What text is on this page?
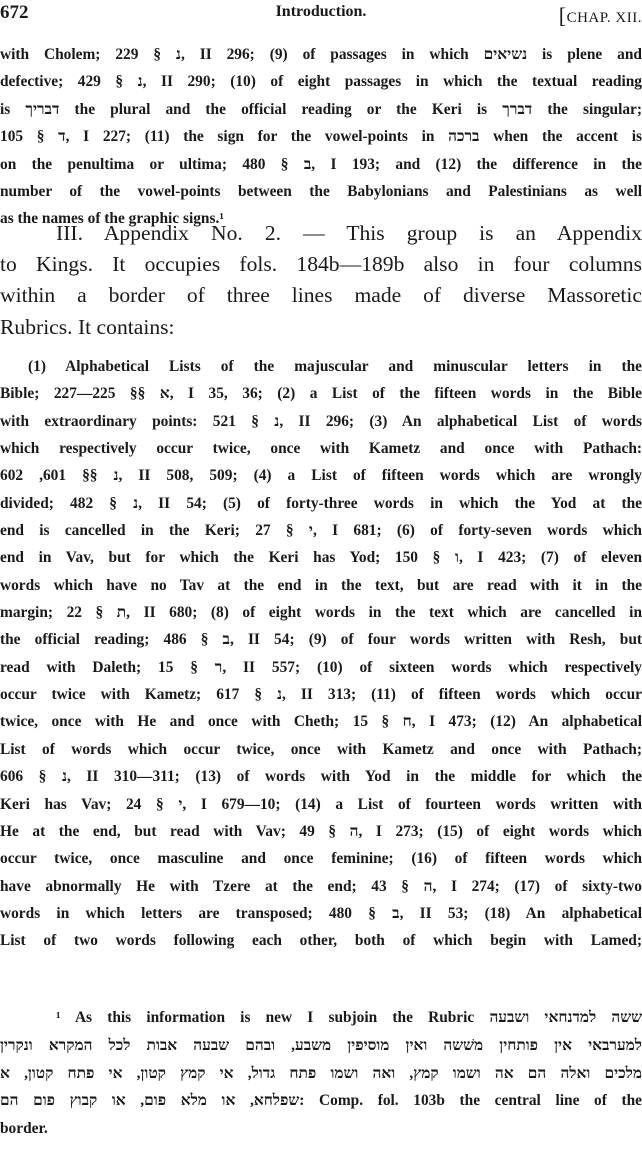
672	Introduction.	[CHAP. XII.
with Cholem; נ § 229, II 296; (9) of passages in which נשיאים is plene and
defective; נ § 429, II 290; (10) of eight passages in which the textual reading
is דבריך the plural and the official reading or the Keri is דברך the singular;
ד § 105, I 227; (11) the sign for the vowel-points in ברכה when the accent is
on the penultima or ultima; ב § 480, I 193; and (12) the difference in the
number of the vowel-points between the Babylonians and Palestinians as well
as the names of the graphic signs.¹
III. Appendix No. 2. — This group is an Appendix
to Kings. It occupies fols. 184b—189b also in four columns
within a border of three lines made of diverse Massoretic
Rubrics. It contains:
(1) Alphabetical Lists of the majuscular and minuscular letters in the
Bible; א §§ 225—227, I 35, 36; (2) a List of the fifteen words in the Bible
with extraordinary points: נ § 521, II 296; (3) An alphabetical List of words
which respectively occur twice, once with Kametz and once with Pathach:
נ §§ 601, 602, II 508, 509; (4) a List of fifteen words which are wrongly
divided; נ § 482, II 54; (5) of forty-three words in which the Yod at the
end is cancelled in the Keri; י § 27, I 681; (6) of forty-seven words which
end in Vav, but for which the Keri has Yod; ו § 150, I 423; (7) of eleven
words which have no Tav at the end in the text, but are read with it in the
margin; ת § 22, II 680; (8) of eight words in the text which are cancelled in
the official reading; ב § 486, II 54; (9) of four words written with Resh, but
read with Daleth; ר § 15, II 557; (10) of sixteen words which respectively
occur twice with Kametz; נ § 617, II 313; (11) of fifteen words which occur
twice, once with He and once with Cheth; ח § 15, I 473; (12) An alphabetical
List of words which occur twice, once with Kametz and once with Pathach;
נ § 606, II 310—311; (13) of words with Yod in the middle for which the
Keri has Vav; י § 24, I 679—10; (14) a List of fourteen words written with
He at the end, but read with Vav; ה § 49, I 273; (15) of eight words which
occur twice, once masculine and once feminine; (16) of fifteen words which
have abnormally He with Tzere at the end; ה § 43, I 274; (17) of sixty-two
words in which letters are transposed; ב § 480, II 53; (18) An alphabetical
List of two words following each other, both of which begin with Lamed;
¹ As this information is new I subjoin the Rubric ששה למדנחאי ושבעה
למערבאי אין פותחין משׁשה ואין מוסיפין משבע, ובהם שבעה אבות לכל המקרא ונקרין
מלכים ואלה הם אה ושמו קמץ, ואה ושמו פתח גדול, אי קמץ קטון, אי פתח קטון, א
שפלחא, או מלא פום, או קבוץ פום הם: Comp. fol. 103b the central line of the
border.
